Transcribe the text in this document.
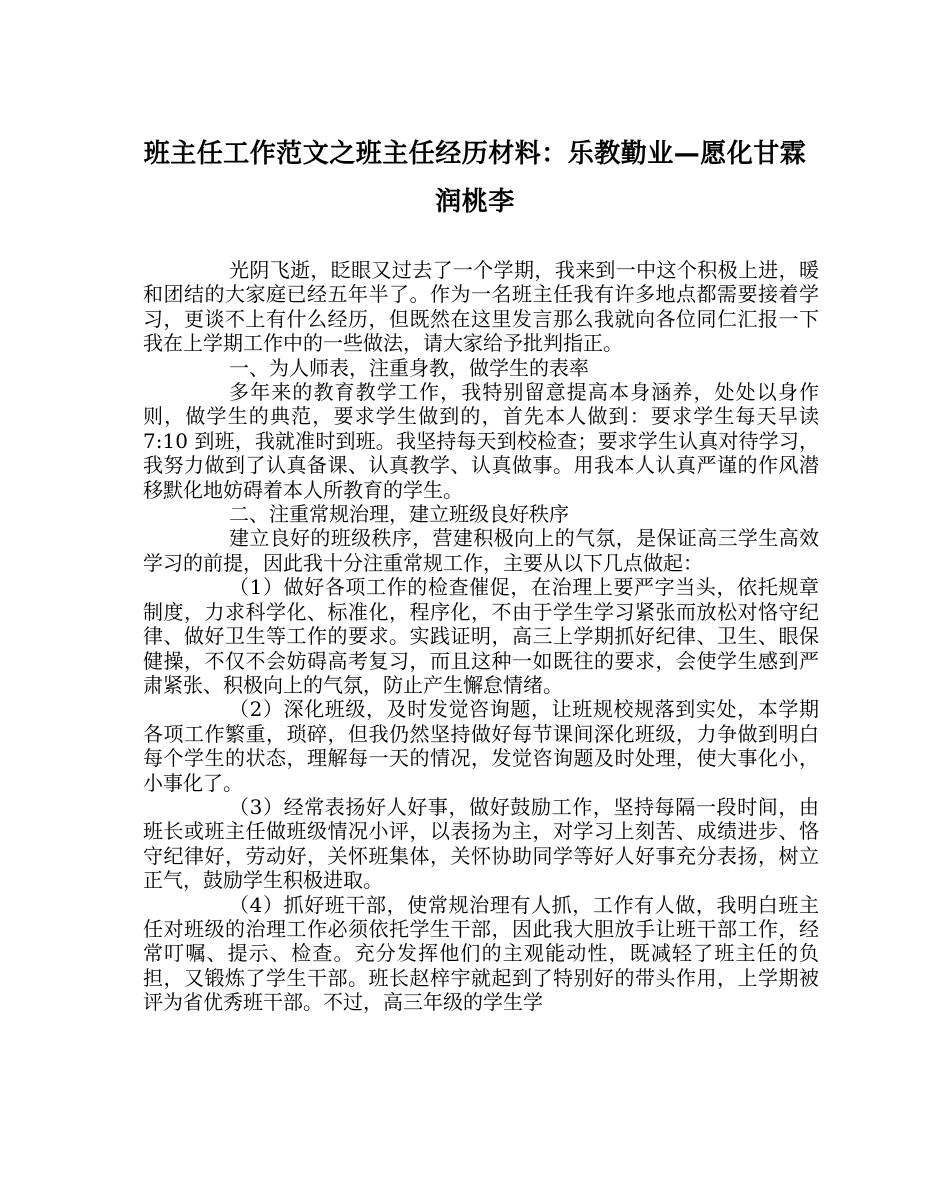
班主任工作范文之班主任经历材料：乐教勤业—愿化甘霖润桃李

光阴飞逝，眨眼又过去了一个学期，我来到一中这个积极上进，暖和团结的大家庭已经五年半了。作为一名班主任我有许多地点都需要接着学习，更谈不上有什么经历，但既然在这里发言那么我就向各位同仁汇报一下我在上学期工作中的一些做法，请大家给予批判指正。

一、为人师表，注重身教，做学生的表率

多年来的教育教学工作，我特别留意提高本身涵养，处处以身作则，做学生的典范，要求学生做到的，首先本人做到：要求学生每天早读 7:10 到班，我就准时到班。我坚持每天到校检查；要求学生认真对待学习，我努力做到了认真备课、认真教学、认真做事。用我本人认真严谨的作风潜移默化地妨碍着本人所教育的学生。

二、注重常规治理，建立班级良好秩序

建立良好的班级秩序，营建积极向上的气氛，是保证高三学生高效学习的前提，因此我十分注重常规工作，主要从以下几点做起：

（1）做好各项工作的检查催促，在治理上要严字当头，依托规章制度，力求科学化、标准化，程序化，不由于学生学习紧张而放松对恪守纪律、做好卫生等工作的要求。实践证明，高三上学期抓好纪律、卫生、眼保健操，不仅不会妨碍高考复习，而且这种一如既往的要求，会使学生感到严肃紧张、积极向上的气氛，防止产生懈怠情绪。

（2）深化班级，及时发觉咨询题，让班规校规落到实处，本学期各项工作繁重，琐碎，但我仍然坚持做好每节课间深化班级，力争做到明白每个学生的状态，理解每一天的情况，发觉咨询题及时处理，使大事化小，小事化了。

（3）经常表扬好人好事，做好鼓励工作，坚持每隔一段时间，由班长或班主任做班级情况小评，以表扬为主，对学习上刻苦、成绩进步、恪守纪律好，劳动好，关怀班集体，关怀协助同学等好人好事充分表扬，树立正气，鼓励学生积极进取。

（4）抓好班干部，使常规治理有人抓，工作有人做，我明白班主任对班级的治理工作必须依托学生干部，因此我大胆放手让班干部工作，经常叮嘱、提示、检查。充分发挥他们的主观能动性，既减轻了班主任的负担，又锻炼了学生干部。班长赵梓宇就起到了特别好的带头作用，上学期被评为省优秀班干部。不过，高三年级的学生学
